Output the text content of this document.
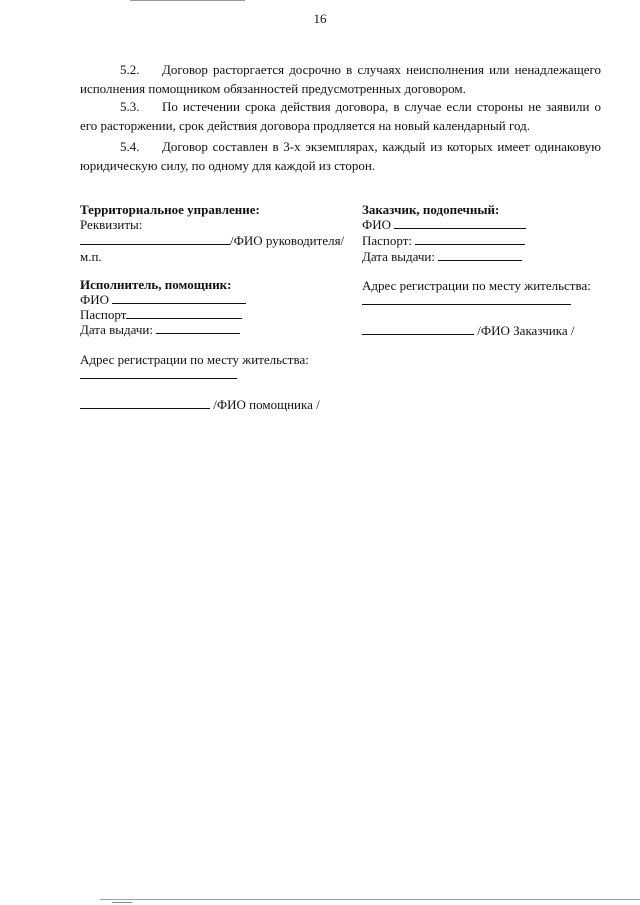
16
5.2. Договор расторгается досрочно в случаях неисполнения или ненадлежащего исполнения помощником обязанностей предусмотренных договором.
5.3. По истечении срока действия договора, в случае если стороны не заявили о его расторжении, срок действия договора продляется на новый календарный год.
5.4. Договор составлен в 3-х экземплярах, каждый из которых имеет одинаковую юридическую силу, по одному для каждой из сторон.
Территориальное управление:
Реквизиты:
/ФИО руководителя/
м.п.
Заказчик, подопечный:
ФИО
Паспорт:
Дата выдачи:
Адрес регистрации по месту жительства:
/ФИО Заказчика /
Исполнитель, помощник:
ФИО
Паспорт
Дата выдачи:
Адрес регистрации по месту жительства:
/ФИО помощника /
